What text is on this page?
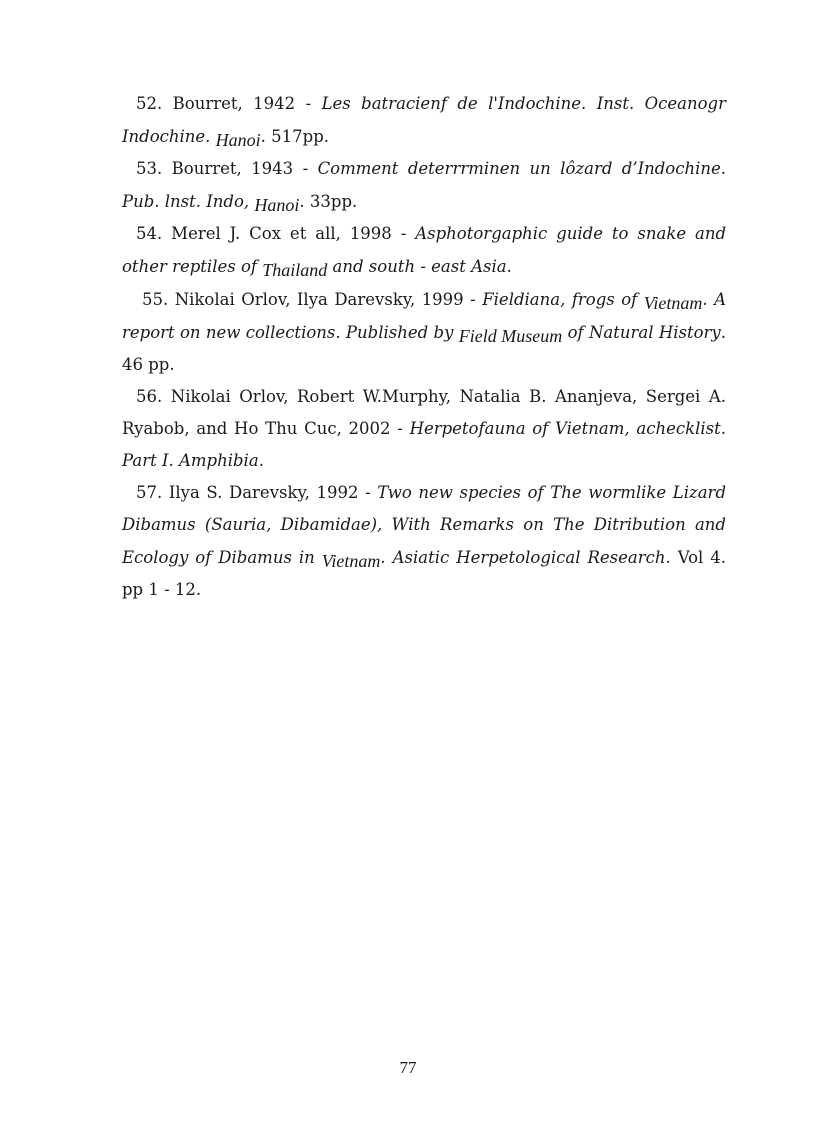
52. Bourret, 1942 - Les batracienf de l'Indochine. Inst. Oceanogr Indochine. Hanoi. 517pp.

53. Bourret, 1943 - Comment deterrrminen un lôzard d’Indochine. Pub. lnst. Indo, Hanoi. 33pp.

54. Merel J. Cox et all, 1998 - Asphotorgaphic guide to snake and other reptiles of Thailand and south - east Asia.

55. Nikolai Orlov, Ilya Darevsky, 1999 - Fieldiana, frogs of Vietnam. A report on new collections. Published by Field Museum of Natural History. 46 pp.

56. Nikolai Orlov, Robert W.Murphy, Natalia B. Ananjeva, Sergei A. Ryabob, and Ho Thu Cuc, 2002 - Herpetofauna of Vietnam, achecklist. Part I. Amphibia.

57. Ilya S. Darevsky, 1992 - Two new species of The wormlike Lizard Dibamus (Sauria, Dibamidae), With Remarks on The Ditribution and Ecology of Dibamus in Vietnam. Asiatic Herpetological Research. Vol 4. pp 1 - 12.

77
